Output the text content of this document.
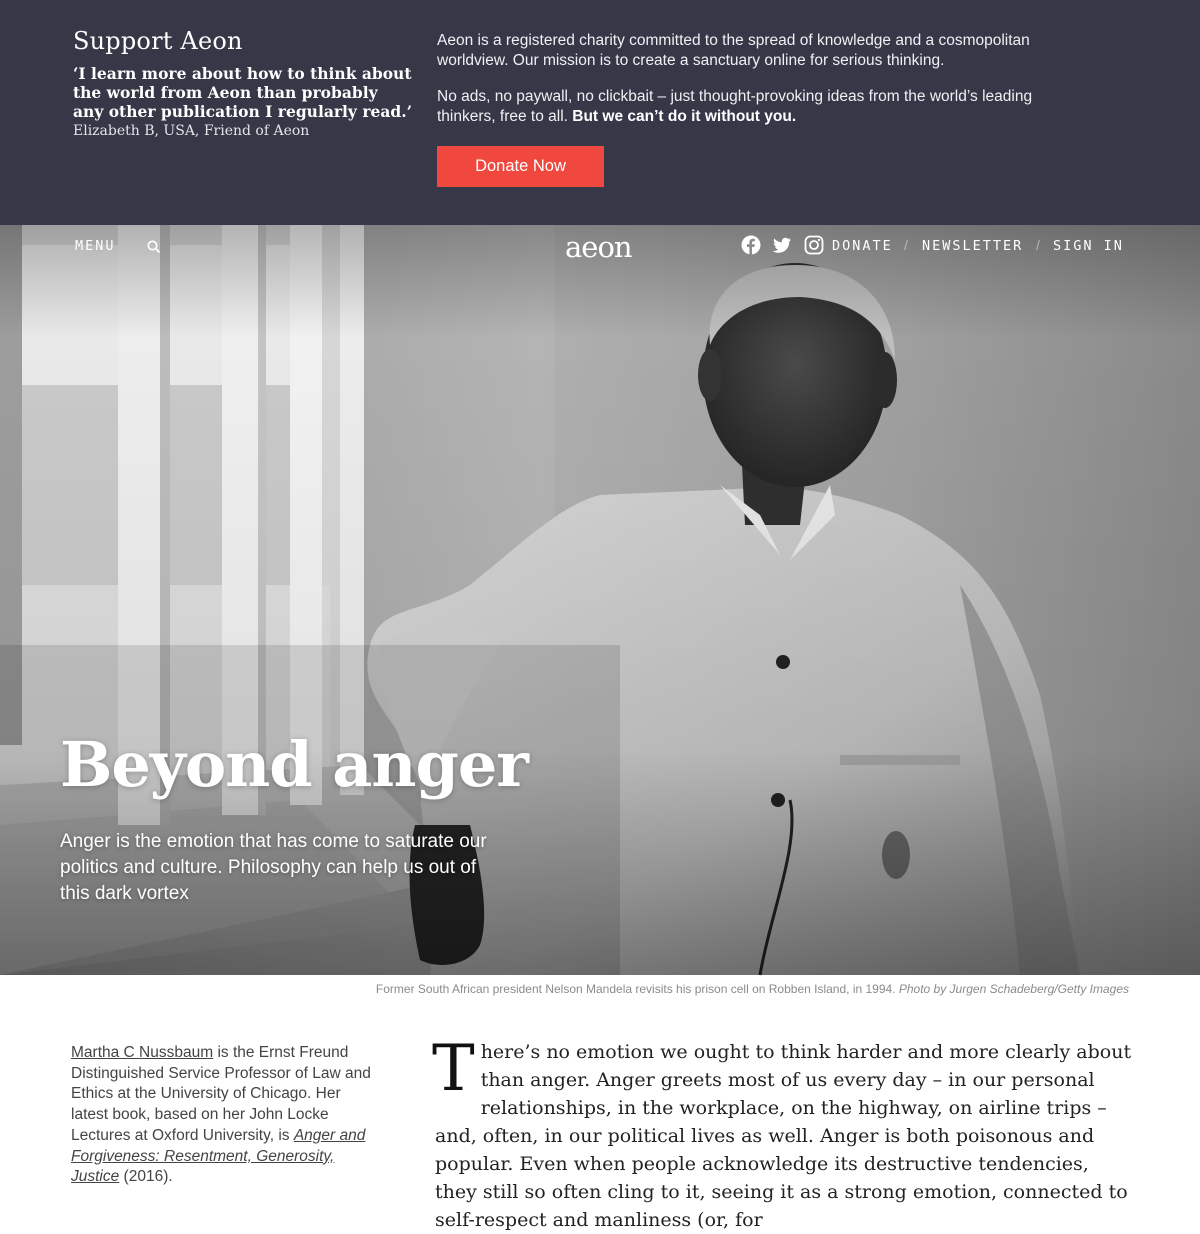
Support Aeon

‘I learn more about how to think about the world from Aeon than probably any other publication I regularly read.’

Elizabeth B, USA, Friend of Aeon

Aeon is a registered charity committed to the spread of knowledge and a cosmopolitan worldview. Our mission is to create a sanctuary online for serious thinking.

No ads, no paywall, no clickbait – just thought-provoking ideas from the world’s leading thinkers, free to all. But we can’t do it without you.

Donate Now
MENU	aeon	DONATE / NEWSLETTER / SIGN IN
Beyond anger

Anger is the emotion that has come to saturate our politics and culture. Philosophy can help us out of this dark vortex

Former South African president Nelson Mandela revisits his prison cell on Robben Island, in 1994. Photo by Jurgen Schadeberg/Getty Images

Martha C Nussbaum is the Ernst Freund Distinguished Service Professor of Law and Ethics at the University of Chicago. Her latest book, based on her John Locke Lectures at Oxford University, is Anger and Forgiveness: Resentment, Generosity, Justice (2016).

T here’s no emotion we ought to think harder and more clearly about than anger. Anger greets most of us every day – in our personal relationships, in the workplace, on the highway, on airline trips – and, often, in our political lives as well. Anger is both poisonous and popular. Even when people acknowledge its destructive tendencies, they still so often cling to it, seeing it as a strong emotion, connected to self-respect and manliness (or, for
